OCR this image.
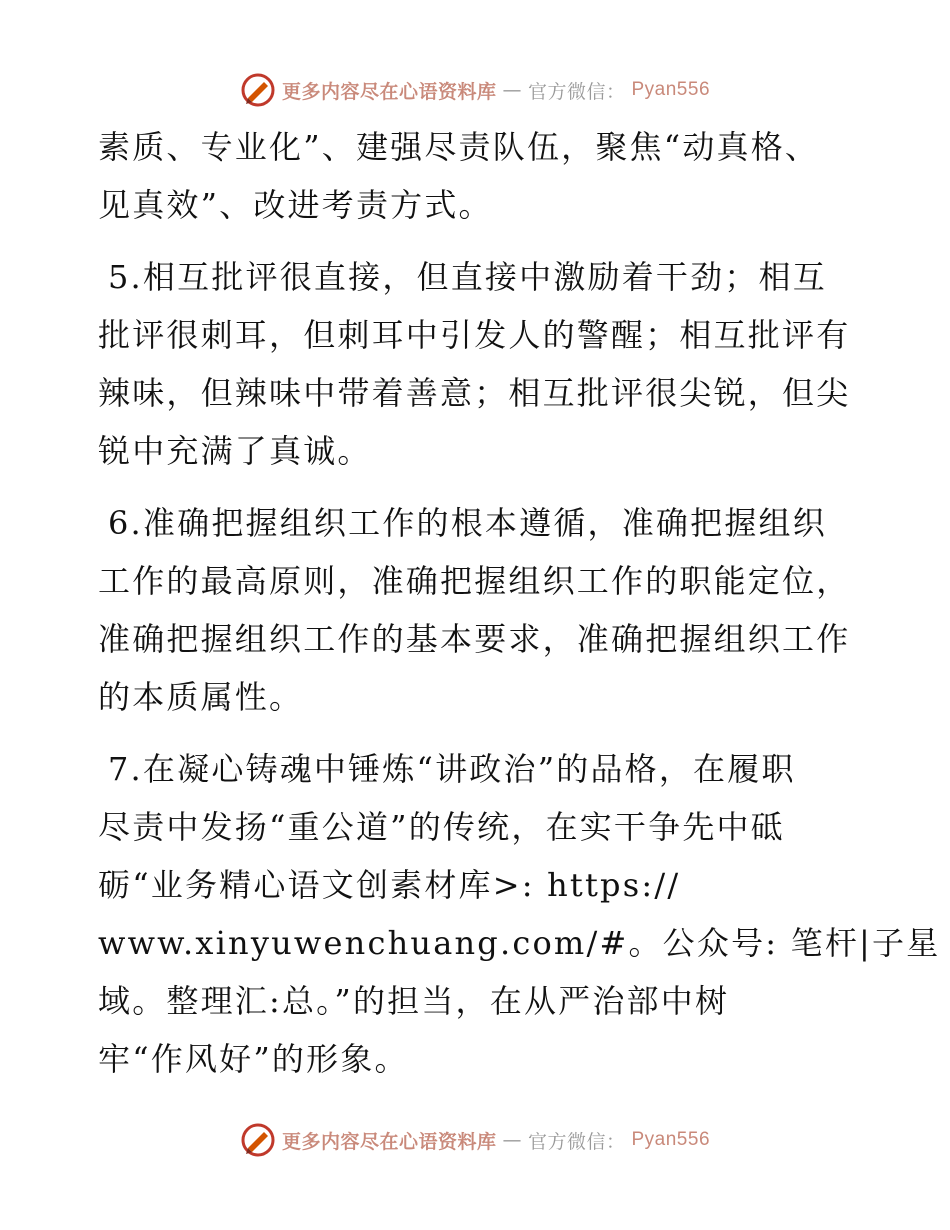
更多内容尽在心语资料库 — 官方微信： Pyan556
素质、专业化”、建强尽责队伍，聚焦“动真格、
见真效”、改进考责方式。
5.相互批评很直接，但直接中激励着干劲；相互
批评很刺耳，但刺耳中引发人的警醒；相互批评有
辣味，但辣味中带着善意；相互批评很尖锐，但尖
锐中充满了真诚。
6.准确把握组织工作的根本遵循，准确把握组织
工作的最高原则，准确把握组织工作的职能定位，
准确把握组织工作的基本要求，准确把握组织工作
的本质属性。
7.在凝心铸魂中锤炼“讲政治”的品格，在履职
尽责中发扬“重公道”的传统，在实干争先中砥
砺“业务精心语文创素材库>: https://
www.xinyuwenchuang.com/#。公众号: 笔杆|子星
域。整理汇:总。”的担当，在从严治部中树
牢“作风好”的形象。
更多内容尽在心语资料库 — 官方微信： Pyan556
